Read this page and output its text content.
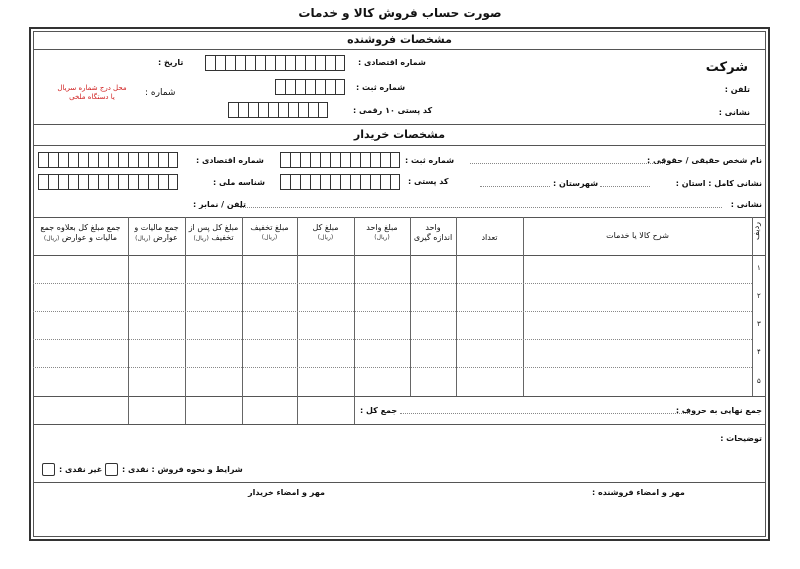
صورت حساب فروش کالا و خدمات
مشخصات فروشنده
شرکت
تلفن :
نشانی :
شماره اقتصادی :
شماره ثبت :
کد پستی ۱۰ رقمی :
تاریخ :
شماره :
محل درج شماره سریال
یا دستگاه ملخی
مشخصات خریدار
نام شخص حقیقی / حقوقی :
شماره ثبت :
شماره اقتصادی :
نشانی کامل : استان :
شهرستان :
کد پستی :
شناسه ملی :
نشانی :
تلفن / نمابر :
ردیف
شرح کالا یا خدمات
تعداد
واحد
اندازه گیری
مبلغ واحد
(ریال)
مبلغ کل
(ریال)
مبلغ تخفیف
(ریال)
مبلغ کل پس از
تخفیف (ریال)
جمع مالیات و
عوارض (ریال)
جمع مبلغ کل بعلاوه جمع
مالیات و عوارض (ریال)
۱
۲
۳
۴
۵
جمع نهایی به حروف :
جمع کل :
توضیحات :
شرایط و نحوه فروش : نقدی :
غیر نقدی :
مهر و امضاء فروشنده :
مهر و امضاء خریدار
